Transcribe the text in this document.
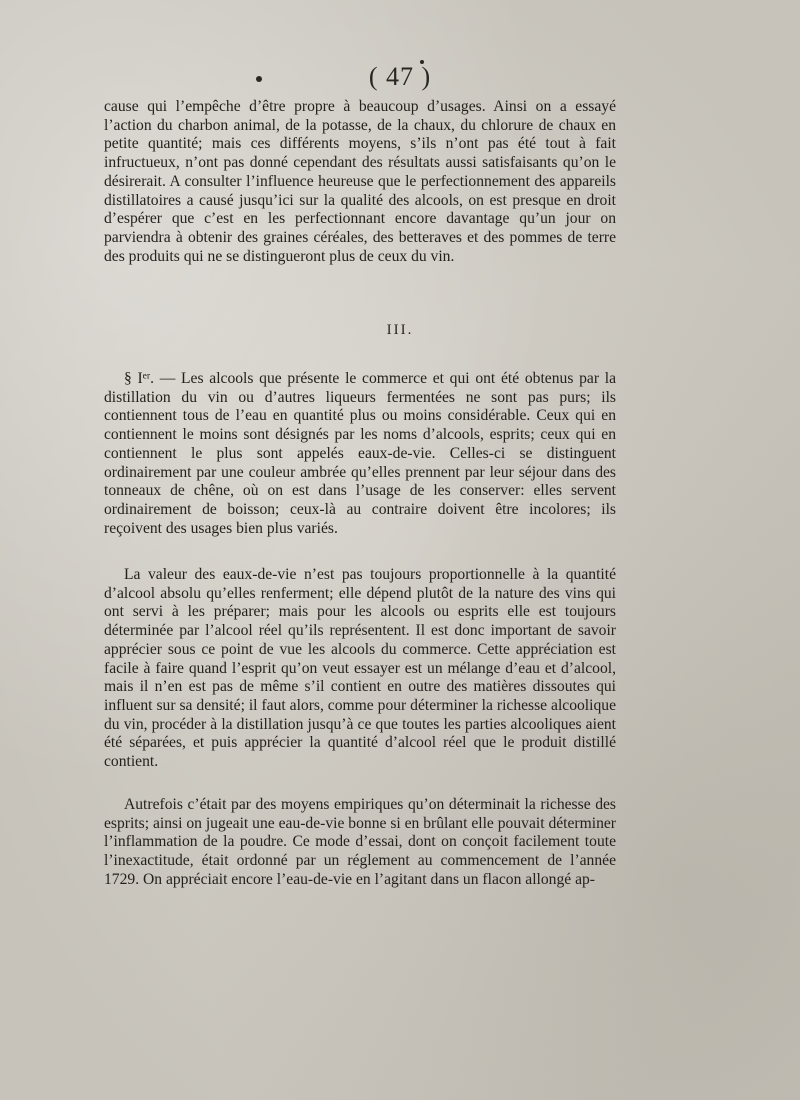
( 47 )

cause qui l’empêche d’être propre à beaucoup d’usages. Ainsi on a essayé l’action du charbon animal, de la potasse, de la chaux, du chlorure de chaux en petite quantité; mais ces différents moyens, s’ils n’ont pas été tout à fait infructueux, n’ont pas donné cependant des résultats aussi satisfaisants qu’on le désirerait. A consulter l’influence heureuse que le perfectionnement des appareils distillatoires a causé jusqu’ici sur la qualité des alcools, on est presque en droit d’espérer que c’est en les perfectionnant encore davantage qu’un jour on parviendra à obtenir des graines céréales, des betteraves et des pommes de terre des produits qui ne se distingueront plus de ceux du vin.

III.

§ Iᵉʳ. — Les alcools que présente le commerce et qui ont été obtenus par la distillation du vin ou d’autres liqueurs fermentées ne sont pas purs; ils contiennent tous de l’eau en quantité plus ou moins considérable. Ceux qui en contiennent le moins sont désignés par les noms d’alcools, esprits; ceux qui en contiennent le plus sont appelés eaux-de-vie. Celles-ci se distinguent ordinairement par une couleur ambrée qu’elles prennent par leur séjour dans des tonneaux de chêne, où on est dans l’usage de les conserver: elles servent ordinairement de boisson; ceux-là au contraire doivent être incolores; ils reçoivent des usages bien plus variés.

La valeur des eaux-de-vie n’est pas toujours proportionnelle à la quantité d’alcool absolu qu’elles renferment; elle dépend plutôt de la nature des vins qui ont servi à les préparer; mais pour les alcools ou esprits elle est toujours déterminée par l’alcool réel qu’ils représentent. Il est donc important de savoir apprécier sous ce point de vue les alcools du commerce. Cette appréciation est facile à faire quand l’esprit qu’on veut essayer est un mélange d’eau et d’alcool, mais il n’en est pas de même s’il contient en outre des matières dissoutes qui influent sur sa densité; il faut alors, comme pour déterminer la richesse alcoolique du vin, procéder à la distillation jusqu’à ce que toutes les parties alcooliques aient été séparées, et puis apprécier la quantité d’alcool réel que le produit distillé contient.

Autrefois c’était par des moyens empiriques qu’on déterminait la richesse des esprits; ainsi on jugeait une eau-de-vie bonne si en brûlant elle pouvait déterminer l’inflammation de la poudre. Ce mode d’essai, dont on conçoit facilement toute l’inexactitude, était ordonné par un réglement au commencement de l’année 1729. On appréciait encore l’eau-de-vie en l’agitant dans un flacon allongé ap-
